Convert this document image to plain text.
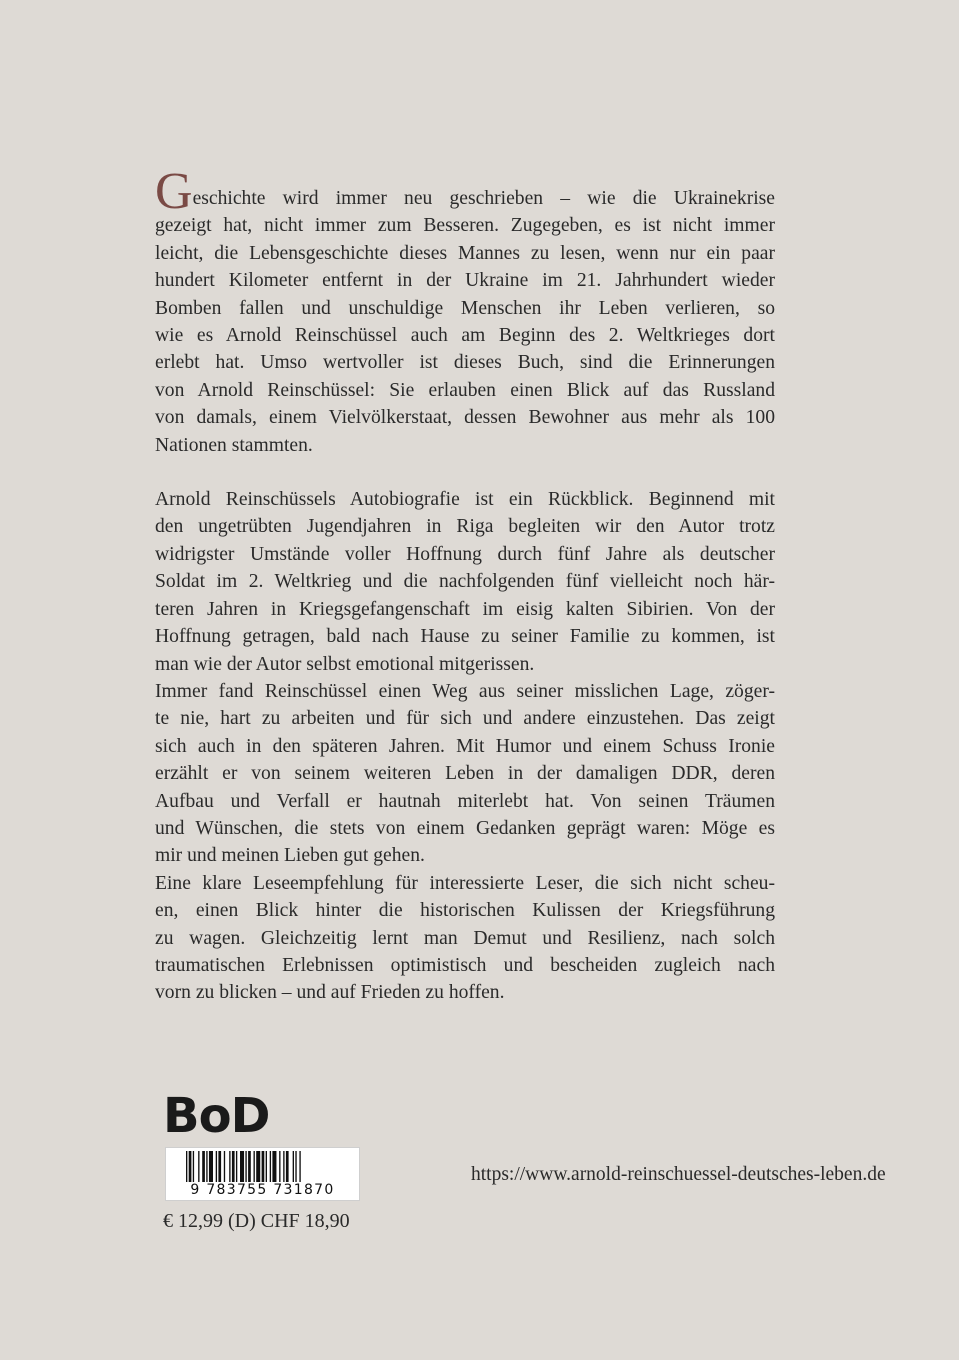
Geschichte wird immer neu geschrieben – wie die Ukrainekrise
gezeigt hat, nicht immer zum Besseren. Zugegeben, es ist nicht immer
leicht, die Lebensgeschichte dieses Mannes zu lesen, wenn nur ein paar
hundert Kilometer entfernt in der Ukraine im 21. Jahrhundert wieder
Bomben fallen und unschuldige Menschen ihr Leben verlieren, so
wie es Arnold Reinschüssel auch am Beginn des 2. Weltkrieges dort
erlebt hat. Umso wertvoller ist dieses Buch, sind die Erinnerungen
von Arnold Reinschüssel: Sie erlauben einen Blick auf das Russland
von damals, einem Vielvölkerstaat, dessen Bewohner aus mehr als 100
Nationen stammten.
Arnold Reinschüssels Autobiografie ist ein Rückblick. Beginnend mit
den ungetrübten Jugendjahren in Riga begleiten wir den Autor trotz
widrigster Umstände voller Hoffnung durch fünf Jahre als deutscher
Soldat im 2. Weltkrieg und die nachfolgenden fünf vielleicht noch här-
teren Jahren in Kriegsgefangenschaft im eisig kalten Sibirien. Von der
Hoffnung getragen, bald nach Hause zu seiner Familie zu kommen, ist
man wie der Autor selbst emotional mitgerissen.
Immer fand Reinschüssel einen Weg aus seiner misslichen Lage, zöger-
te nie, hart zu arbeiten und für sich und andere einzustehen. Das zeigt
sich auch in den späteren Jahren. Mit Humor und einem Schuss Ironie
erzählt er von seinem weiteren Leben in der damaligen DDR, deren
Aufbau und Verfall er hautnah miterlebt hat. Von seinen Träumen
und Wünschen, die stets von einem Gedanken geprägt waren: Möge es
mir und meinen Lieben gut gehen.
Eine klare Leseempfehlung für interessierte Leser, die sich nicht scheu-
en, einen Blick hinter die historischen Kulissen der Kriegsführung
zu wagen. Gleichzeitig lernt man Demut und Resilienz, nach solch
traumatischen Erlebnissen optimistisch und bescheiden zugleich nach
vorn zu blicken – und auf Frieden zu hoffen.
BoD
9 783755 731870
€ 12,99 (D) CHF 18,90
https://www.arnold-reinschuessel-deutsches-leben.de
